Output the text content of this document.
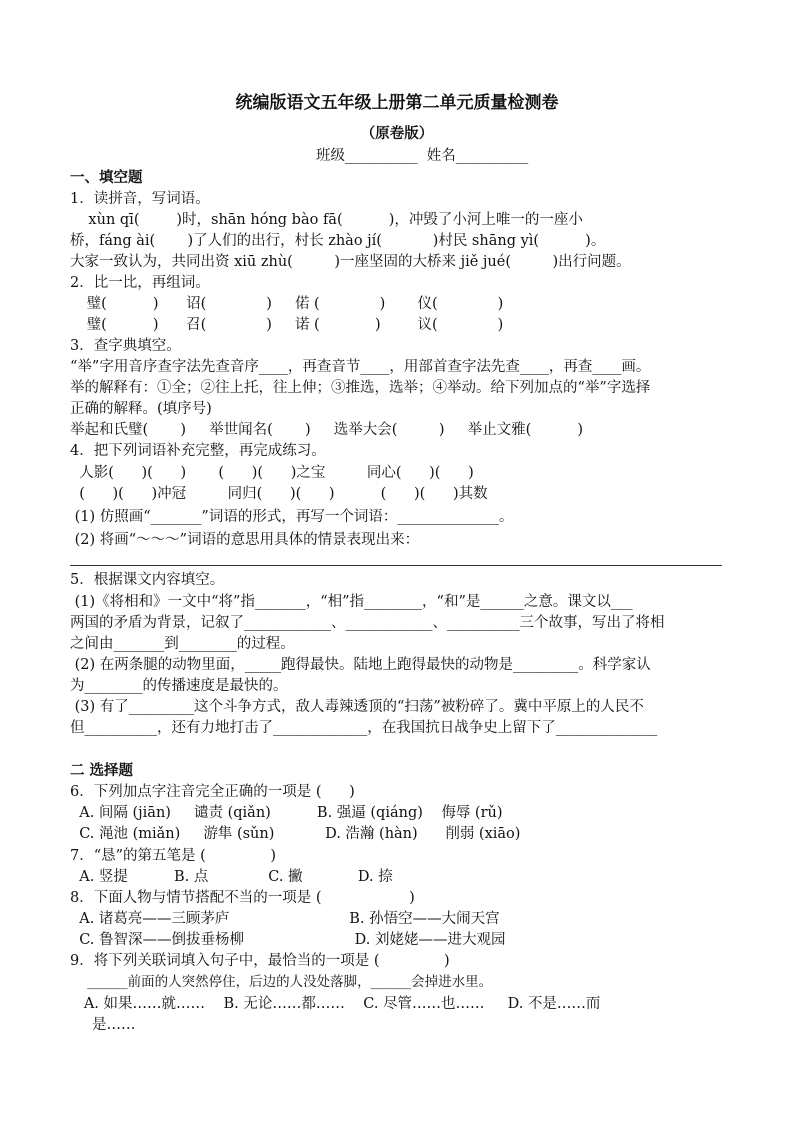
统编版语文五年级上册第二单元质量检测卷
（原卷版）
班级__________  姓名__________
一、填空题
1．读拼音，写词语。
xùn qī(        )时，shān hóng bào fā(          )，冲毁了小河上唯一的一座小
桥，fáng ài(       )了人们的出行，村长 zhào jí(           )村民 shāng yì(          )。
大家一致认为，共同出资 xiū zhù(         )一座坚固的大桥来 jiě jué(         )出行问题。
2．比一比，再组词。
璧(          )      诏(             )     偌 (             )       仪(             )
璧(          )      召(             )     诺 (            )        议(             )
3．查字典填空。
“举”字用音序查字法先查音序____，再查音节____，用部首查字法先查____，再查____画。
举的解释有：①全；②往上托，往上伸；③推选，选举；④举动。给下列加点的“举”字选择
正确的解释。(填序号)
举起和氏璧(       )     举世闻名(       )     选举大会(         )     举止文雅(          )
4．把下列词语补充完整，再完成练习。
人影(      )(      )       (      )(      )之宝         同心(      )(      )
(      )(      )冲冠         同归(      )(      )          (      )(      )其数
(1) 仿照画“_______”词语的形式，再写一个词语：______________。
(2) 将画“～～～”词语的意思用具体的情景表现出来：
5．根据课文内容填空。
(1)《将相和》一文中“将”指_______，“相”指________，“和”是______之意。课文以___
两国的矛盾为背景，记叙了____________、____________、__________三个故事，写出了将相
之间由_______到________的过程。
(2) 在两条腿的动物里面，_____跑得最快。陆地上跑得最快的动物是_________。科学家认
为________的传播速度是最快的。
(3) 有了_________这个斗争方式，敌人毒辣透顶的“扫荡”被粉碎了。冀中平原上的人民不
但__________，还有力地打击了_____________，在我国抗日战争史上留下了______________
二 选择题
6．下列加点字注音完全正确的一项是 (      )
A. 间隔 (jiān)     谴责 (qiǎn)          B. 强逼 (qiáng)    侮辱 (rǔ)
C. 渑池 (miǎn)     游隼 (sǔn)           D. 浩瀚 (hàn)      削弱 (xiāo)
7．“恳”的第五笔是 (              )
A. 竖提          B. 点             C. 撇            D. 捺
8．下面人物与情节搭配不当的一项是 (                   )
A. 诸葛亮——三顾茅庐                          B. 孙悟空——大闹天宫
C. 鲁智深——倒拔垂杨柳                        D. 刘姥姥——进大观园
9．将下列关联词填入句子中，最恰当的一项是 (              )
______前面的人突然停住，后边的人没处落脚，______会掉进水里。
A. 如果……就……    B. 无论……都……    C. 尽管……也……     D. 不是……而
是……
